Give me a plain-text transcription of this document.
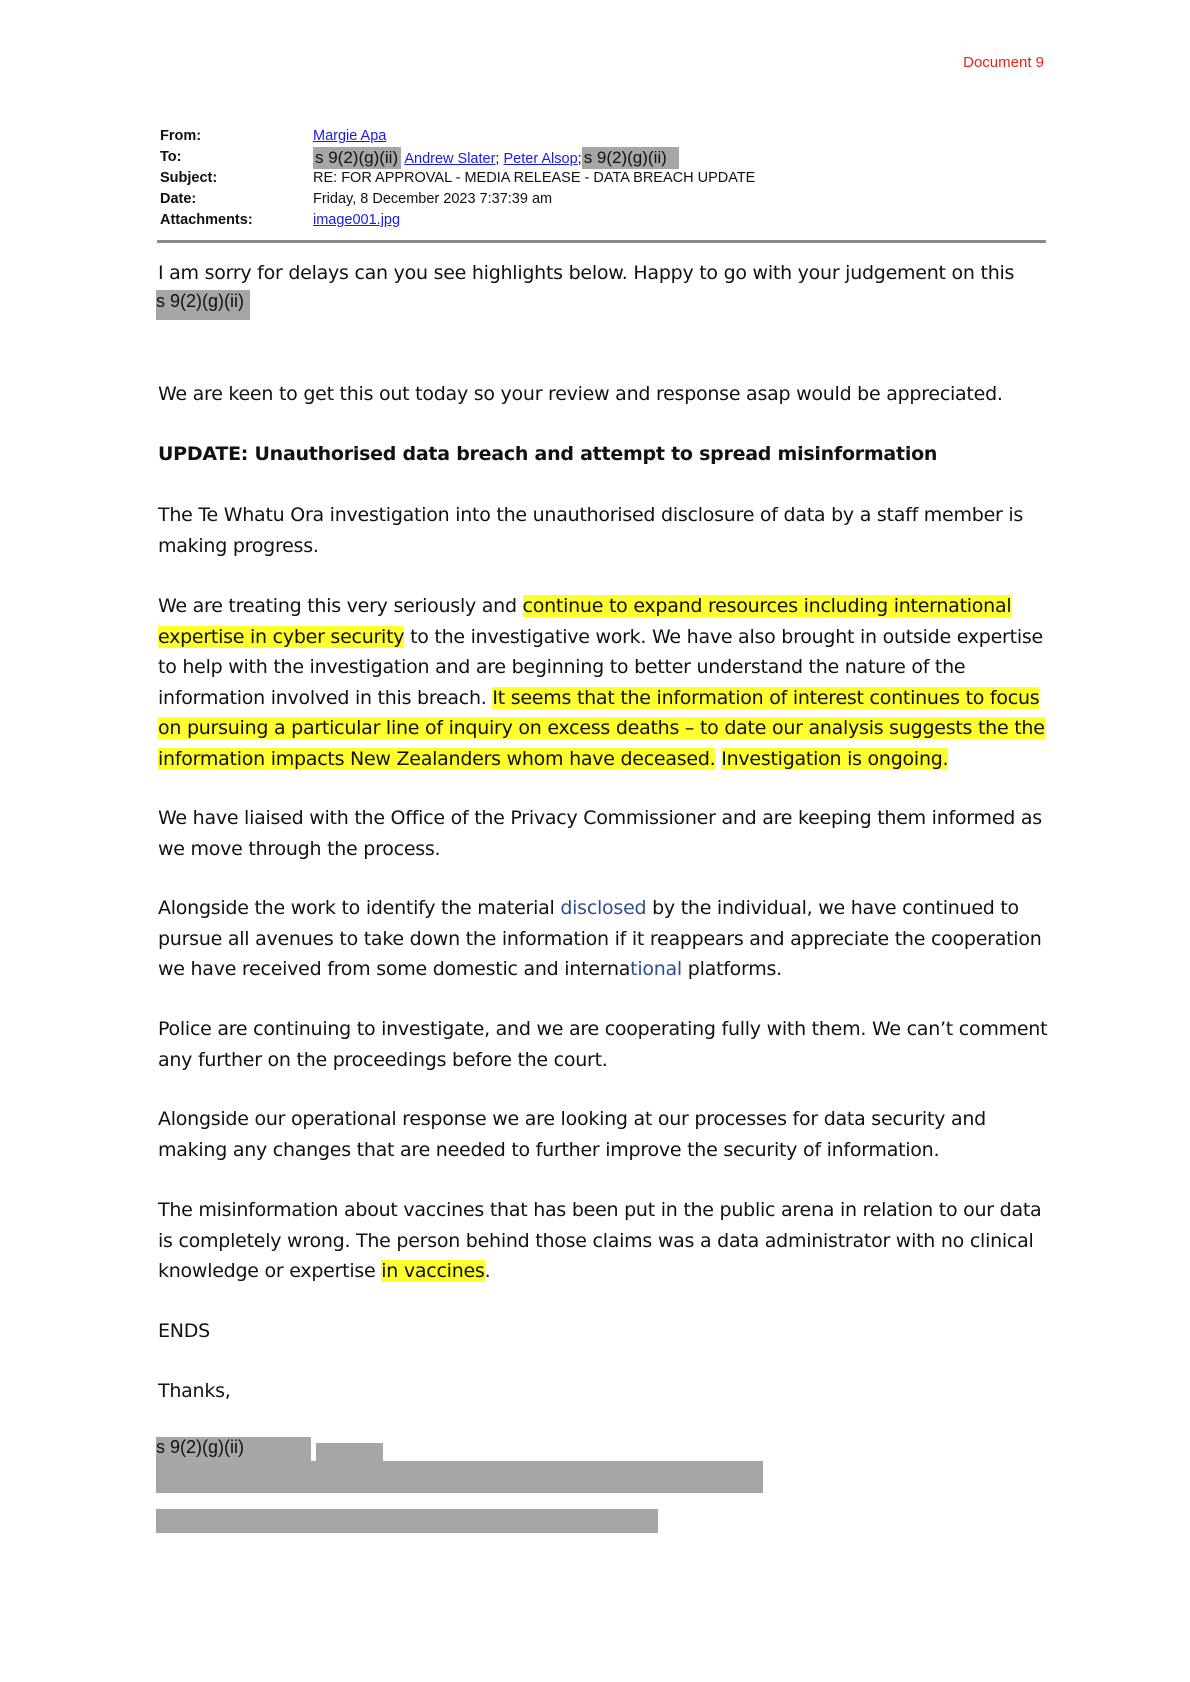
Document 9
From:	Margie Apa
To:	s 9(2)(g)(ii) Andrew Slater; Peter Alsop; s 9(2)(g)(ii)
Subject:	RE: FOR APPROVAL - MEDIA RELEASE - DATA BREACH UPDATE
Date:	Friday, 8 December 2023 7:37:39 am
Attachments:	image001.jpg

I am sorry for delays can you see highlights below. Happy to go with your judgement on this

s 9(2)(g)(ii)

We are keen to get this out today so your review and response asap would be appreciated.

UPDATE: Unauthorised data breach and attempt to spread misinformation

The Te Whatu Ora investigation into the unauthorised disclosure of data by a staff member is making progress.

We are treating this very seriously and continue to expand resources including international expertise in cyber security to the investigative work. We have also brought in outside expertise to help with the investigation and are beginning to better understand the nature of the information involved in this breach. It seems that the information of interest continues to focus on pursuing a particular line of inquiry on excess deaths – to date our analysis suggests the the information impacts New Zealanders whom have deceased. Investigation is ongoing.

We have liaised with the Office of the Privacy Commissioner and are keeping them informed as we move through the process.

Alongside the work to identify the material disclosed by the individual, we have continued to pursue all avenues to take down the information if it reappears and appreciate the cooperation we have received from some domestic and international platforms.

Police are continuing to investigate, and we are cooperating fully with them. We can’t comment any further on the proceedings before the court.

Alongside our operational response we are looking at our processes for data security and making any changes that are needed to further improve the security of information.

The misinformation about vaccines that has been put in the public arena in relation to our data is completely wrong. The person behind those claims was a data administrator with no clinical knowledge or expertise in vaccines.

ENDS

Thanks,

s 9(2)(g)(ii)
